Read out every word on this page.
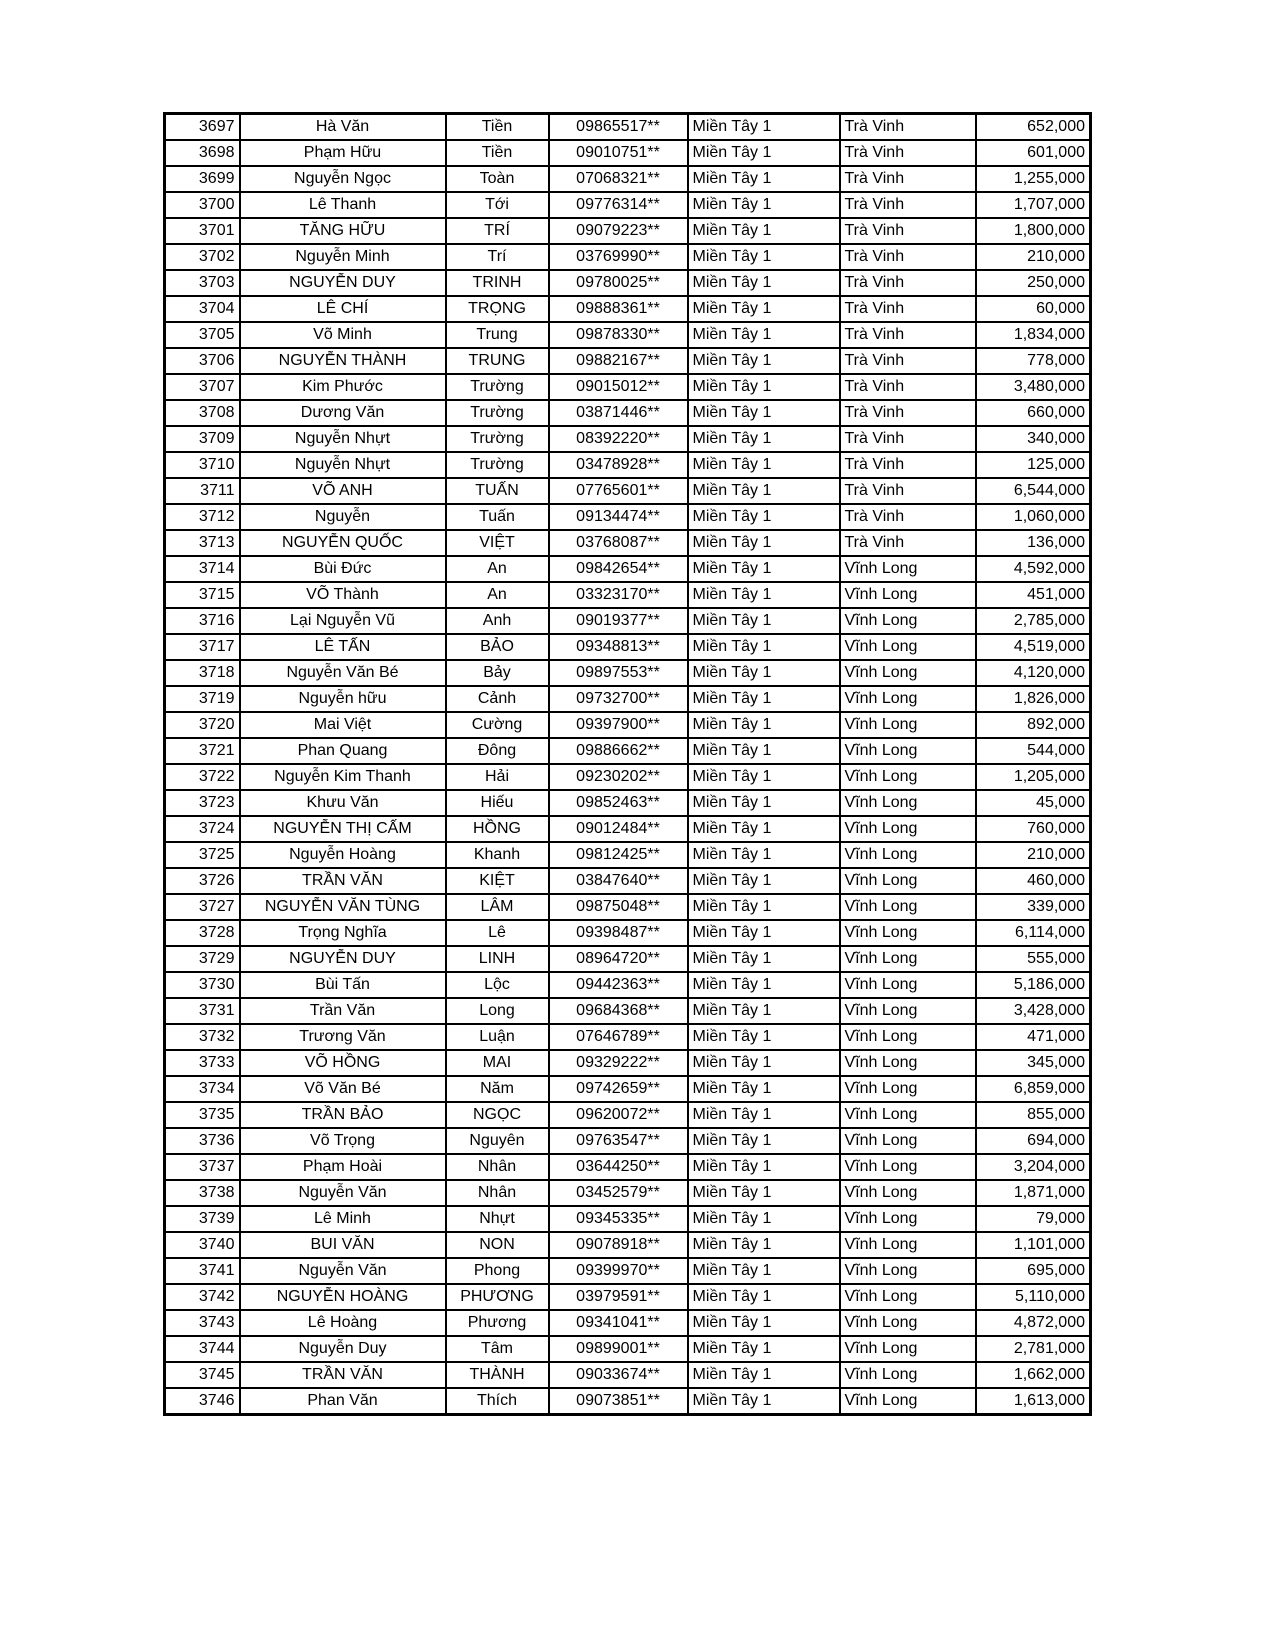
3697	Hà Văn	Tiền	09865517**	Miền Tây 1	Trà Vinh	652,000
3698	Phạm Hữu	Tiền	09010751**	Miền Tây 1	Trà Vinh	601,000
3699	Nguyễn Ngọc	Toàn	07068321**	Miền Tây 1	Trà Vinh	1,255,000
3700	Lê Thanh	Tới	09776314**	Miền Tây 1	Trà Vinh	1,707,000
3701	TĂNG HỮU	TRÍ	09079223**	Miền Tây 1	Trà Vinh	1,800,000
3702	Nguyễn Minh	Trí	03769990**	Miền Tây 1	Trà Vinh	210,000
3703	NGUYỄN DUY	TRINH	09780025**	Miền Tây 1	Trà Vinh	250,000
3704	LÊ CHÍ	TRỌNG	09888361**	Miền Tây 1	Trà Vinh	60,000
3705	Võ Minh	Trung	09878330**	Miền Tây 1	Trà Vinh	1,834,000
3706	NGUYỄN THÀNH	TRUNG	09882167**	Miền Tây 1	Trà Vinh	778,000
3707	Kim Phước	Trường	09015012**	Miền Tây 1	Trà Vinh	3,480,000
3708	Dương Văn	Trường	03871446**	Miền Tây 1	Trà Vinh	660,000
3709	Nguyễn Nhựt	Trường	08392220**	Miền Tây 1	Trà Vinh	340,000
3710	Nguyễn Nhựt	Trường	03478928**	Miền Tây 1	Trà Vinh	125,000
3711	VÕ ANH	TUẤN	07765601**	Miền Tây 1	Trà Vinh	6,544,000
3712	Nguyễn	Tuấn	09134474**	Miền Tây 1	Trà Vinh	1,060,000
3713	NGUYỄN QUỐC	VIỆT	03768087**	Miền Tây 1	Trà Vinh	136,000
3714	Bùi Đức	An	09842654**	Miền Tây 1	Vĩnh Long	4,592,000
3715	VÕ Thành	An	03323170**	Miền Tây 1	Vĩnh Long	451,000
3716	Lại Nguyễn Vũ	Anh	09019377**	Miền Tây 1	Vĩnh Long	2,785,000
3717	LÊ TẤN	BẢO	09348813**	Miền Tây 1	Vĩnh Long	4,519,000
3718	Nguyễn Văn Bé	Bảy	09897553**	Miền Tây 1	Vĩnh Long	4,120,000
3719	Nguyễn hữu	Cảnh	09732700**	Miền Tây 1	Vĩnh Long	1,826,000
3720	Mai Việt	Cường	09397900**	Miền Tây 1	Vĩnh Long	892,000
3721	Phan Quang	Đông	09886662**	Miền Tây 1	Vĩnh Long	544,000
3722	Nguyễn Kim Thanh	Hải	09230202**	Miền Tây 1	Vĩnh Long	1,205,000
3723	Khưu Văn	Hiếu	09852463**	Miền Tây 1	Vĩnh Long	45,000
3724	NGUYỄN THỊ CẤM	HỒNG	09012484**	Miền Tây 1	Vĩnh Long	760,000
3725	Nguyễn Hoàng	Khanh	09812425**	Miền Tây 1	Vĩnh Long	210,000
3726	TRẦN VĂN	KIỆT	03847640**	Miền Tây 1	Vĩnh Long	460,000
3727	NGUYỄN VĂN TÙNG	LÂM	09875048**	Miền Tây 1	Vĩnh Long	339,000
3728	Trọng Nghĩa	Lê	09398487**	Miền Tây 1	Vĩnh Long	6,114,000
3729	NGUYỄN DUY	LINH	08964720**	Miền Tây 1	Vĩnh Long	555,000
3730	Bùi Tấn	Lộc	09442363**	Miền Tây 1	Vĩnh Long	5,186,000
3731	Trần Văn	Long	09684368**	Miền Tây 1	Vĩnh Long	3,428,000
3732	Trương Văn	Luận	07646789**	Miền Tây 1	Vĩnh Long	471,000
3733	VÕ HỒNG	MAI	09329222**	Miền Tây 1	Vĩnh Long	345,000
3734	Võ Văn Bé	Năm	09742659**	Miền Tây 1	Vĩnh Long	6,859,000
3735	TRẦN BẢO	NGỌC	09620072**	Miền Tây 1	Vĩnh Long	855,000
3736	Võ Trọng	Nguyên	09763547**	Miền Tây 1	Vĩnh Long	694,000
3737	Phạm Hoài	Nhân	03644250**	Miền Tây 1	Vĩnh Long	3,204,000
3738	Nguyễn Văn	Nhân	03452579**	Miền Tây 1	Vĩnh Long	1,871,000
3739	Lê Minh	Nhựt	09345335**	Miền Tây 1	Vĩnh Long	79,000
3740	BUI VĂN	NON	09078918**	Miền Tây 1	Vĩnh Long	1,101,000
3741	Nguyễn Văn	Phong	09399970**	Miền Tây 1	Vĩnh Long	695,000
3742	NGUYỄN HOÀNG	PHƯƠNG	03979591**	Miền Tây 1	Vĩnh Long	5,110,000
3743	Lê Hoàng	Phương	09341041**	Miền Tây 1	Vĩnh Long	4,872,000
3744	Nguyễn Duy	Tâm	09899001**	Miền Tây 1	Vĩnh Long	2,781,000
3745	TRẦN VĂN	THÀNH	09033674**	Miền Tây 1	Vĩnh Long	1,662,000
3746	Phan Văn	Thích	09073851**	Miền Tây 1	Vĩnh Long	1,613,000
